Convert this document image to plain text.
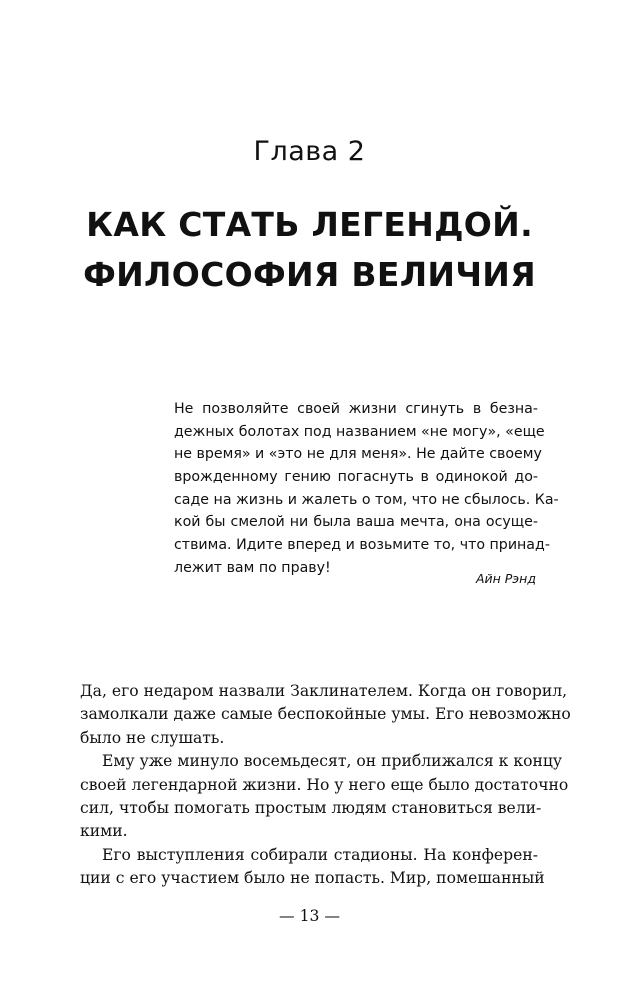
Глава 2
КАК СТАТЬ ЛЕГЕНДОЙ.
ФИЛОСОФИЯ ВЕЛИЧИЯ
Не позволяйте своей жизни сгинуть в безна-
дежных болотах под названием «не могу», «еще
не время» и «это не для меня». Не дайте своему
врожденному гению погаснуть в одинокой до-
саде на жизнь и жалеть о том, что не сбылось. Ка-
кой бы смелой ни была ваша мечта, она осуще-
ствима. Идите вперед и возьмите то, что принад-
лежит вам по праву!
Айн Рэнд
Да, его недаром назвали Заклинателем. Когда он говорил,
замолкали даже самые беспокойные умы. Его невозможно
было не слушать.
Ему уже минуло восемьдесят, он приближался к концу
своей легендарной жизни. Но у него еще было достаточно
сил, чтобы помогать простым людям становиться вели-
кими.
Его выступления собирали стадионы. На конферен-
ции с его участием было не попасть. Мир, помешанный
— 13 —
